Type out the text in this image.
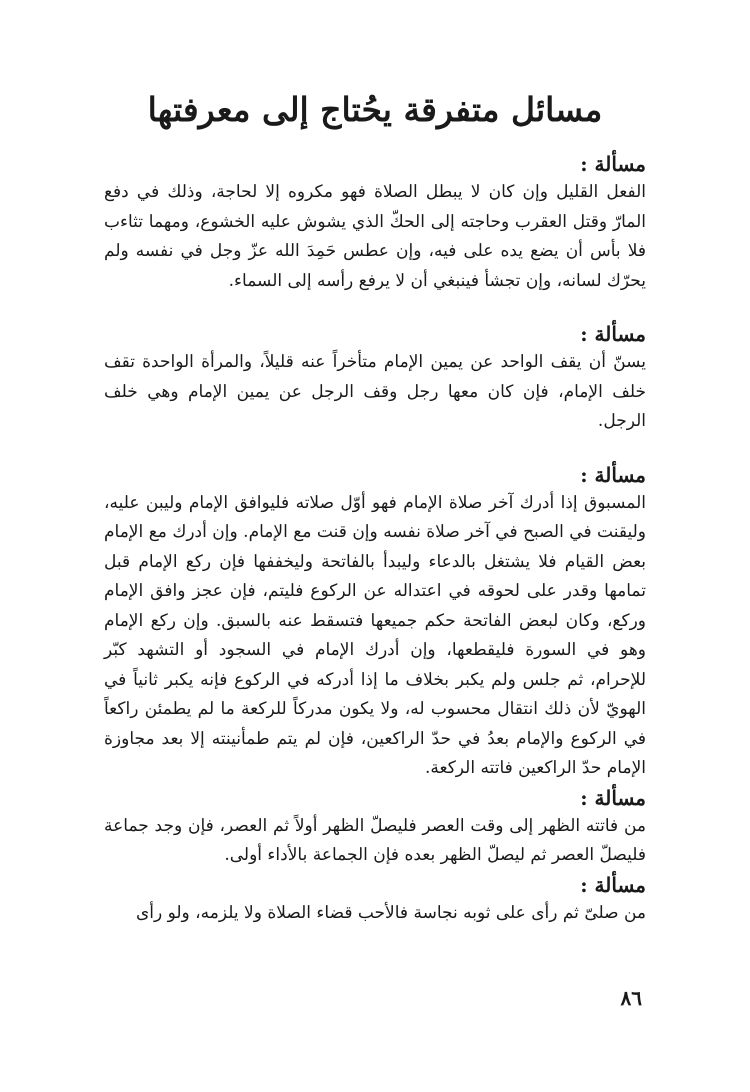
مسائل متفرقة يحُتاج إلى معرفتها

مسألة :

الفعل القليل وإن كان لا يبطل الصلاة فهو مكروه إلا لحاجة، وذلك في دفع المارّ وقتل العقرب وحاجته إلى الحكّ الذي يشوش عليه الخشوع، ومهما تثاءب فلا بأس أن يضع يده على فيه، وإن عطس حَمِدَ الله عزّ وجل في نفسه ولم يحرّك لسانه، وإن تجشأ فينبغي أن لا يرفع رأسه إلى السماء.

مسألة :

يسنّ أن يقف الواحد عن يمين الإمام متأخراً عنه قليلاً، والمرأة الواحدة تقف خلف الإمام، فإن كان معها رجل وقف الرجل عن يمين الإمام وهي خلف الرجل.

مسألة :

المسبوق إذا أدرك آخر صلاة الإمام فهو أوّل صلاته فليوافق الإمام وليبن عليه، وليقنت في الصبح في آخر صلاة نفسه وإن قنت مع الإمام. وإن أدرك مع الإمام بعض القيام فلا يشتغل بالدعاء وليبدأ بالفاتحة وليخففها فإن ركع الإمام قبل تمامها وقدر على لحوقه في اعتداله عن الركوع فليتم، فإن عجز وافق الإمام وركع، وكان لبعض الفاتحة حكم جميعها فتسقط عنه بالسبق. وإن ركع الإمام وهو في السورة فليقطعها، وإن أدرك الإمام في السجود أو التشهد كبّر للإحرام، ثم جلس ولم يكبر بخلاف ما إذا أدركه في الركوع فإنه يكبر ثانياً في الهويّ لأن ذلك انتقال محسوب له، ولا يكون مدركاً للركعة ما لم يطمئن راكعاً في الركوع والإمام بعدُ في حدّ الراكعين، فإن لم يتم طمأنينته إلا بعد مجاوزة الإمام حدّ الراكعين فاتته الركعة.

مسألة :

من فاتته الظهر إلى وقت العصر فليصلّ الظهر أولاً ثم العصر، فإن وجد جماعة فليصلّ العصر ثم ليصلّ الظهر بعده فإن الجماعة بالأداء أولى.

مسألة :

من صلىّ ثم رأى على ثوبه نجاسة فالأحب قضاء الصلاة ولا يلزمه، ولو رأى

٨٦
